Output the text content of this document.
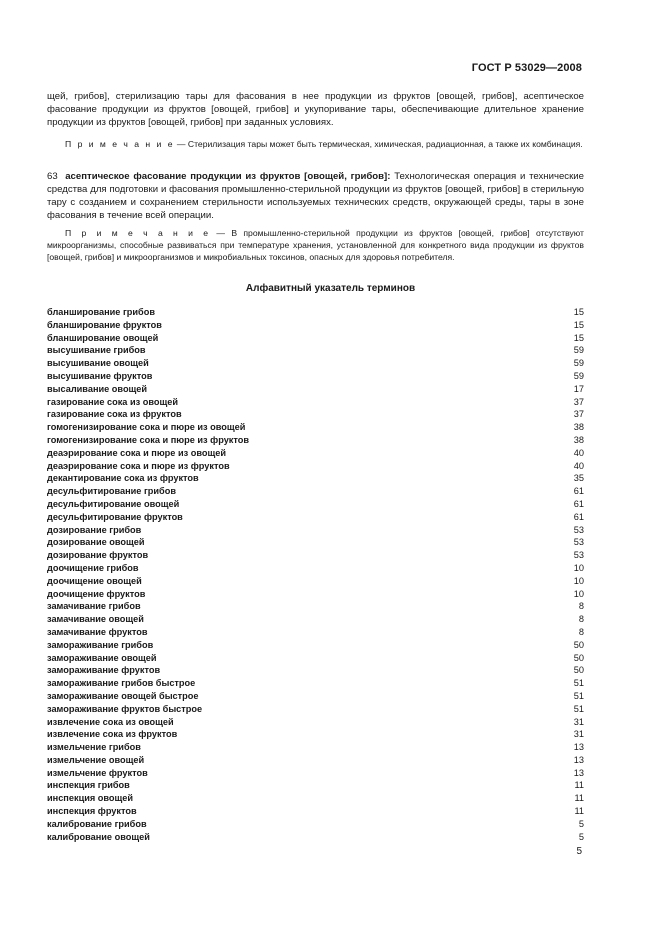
ГОСТ Р 53029—2008
щей, грибов], стерилизацию тары для фасования в нее продукции из фруктов [овощей, грибов], асептическое фасование продукции из фруктов [овощей, грибов] и укупоривание тары, обеспечивающие длительное хранение продукции из фруктов [овощей, грибов] при заданных условиях.
П р и м е ч а н и е — Стерилизация тары может быть термическая, химическая, радиационная, а также их комбинация.
63 асептическое фасование продукции из фруктов [овощей, грибов]: Технологическая операция и технические средства для подготовки и фасования промышленно-стерильной продукции из фруктов [овощей, грибов] в стерильную тару с созданием и сохранением стерильности используемых технических средств, окружающей среды, тары в зоне фасования в течение всей операции.
П р и м е ч а н и е — В промышленно-стерильной продукции из фруктов [овощей, грибов] отсутствуют микроорганизмы, способные развиваться при температуре хранения, установленной для конкретного вида продукции из фруктов [овощей, грибов] и микроорганизмов и микробиальных токсинов, опасных для здоровья потребителя.
Алфавитный указатель терминов
бланширование грибов	15
бланширование фруктов	15
бланширование овощей	15
высушивание грибов	59
высушивание овощей	59
высушивание фруктов	59
высаливание овощей	17
газирование сока из овощей	37
газирование сока из фруктов	37
гомогенизирование сока и пюре из овощей	38
гомогенизирование сока и пюре из фруктов	38
деаэрирование сока и пюре из овощей	40
деаэрирование сока и пюре из фруктов	40
декантирование сока из фруктов	35
десульфитирование грибов	61
десульфитирование овощей	61
десульфитирование фруктов	61
дозирование грибов	53
дозирование овощей	53
дозирование фруктов	53
доочищение грибов	10
доочищение овощей	10
доочищение фруктов	10
замачивание грибов	8
замачивание овощей	8
замачивание фруктов	8
замораживание грибов	50
замораживание овощей	50
замораживание фруктов	50
замораживание грибов быстрое	51
замораживание овощей быстрое	51
замораживание фруктов быстрое	51
извлечение сока из овощей	31
извлечение сока из фруктов	31
измельчение грибов	13
измельчение овощей	13
измельчение фруктов	13
инспекция грибов	11
инспекция овощей	11
инспекция фруктов	11
калибрование грибов	5
калибрование овощей	5
5
